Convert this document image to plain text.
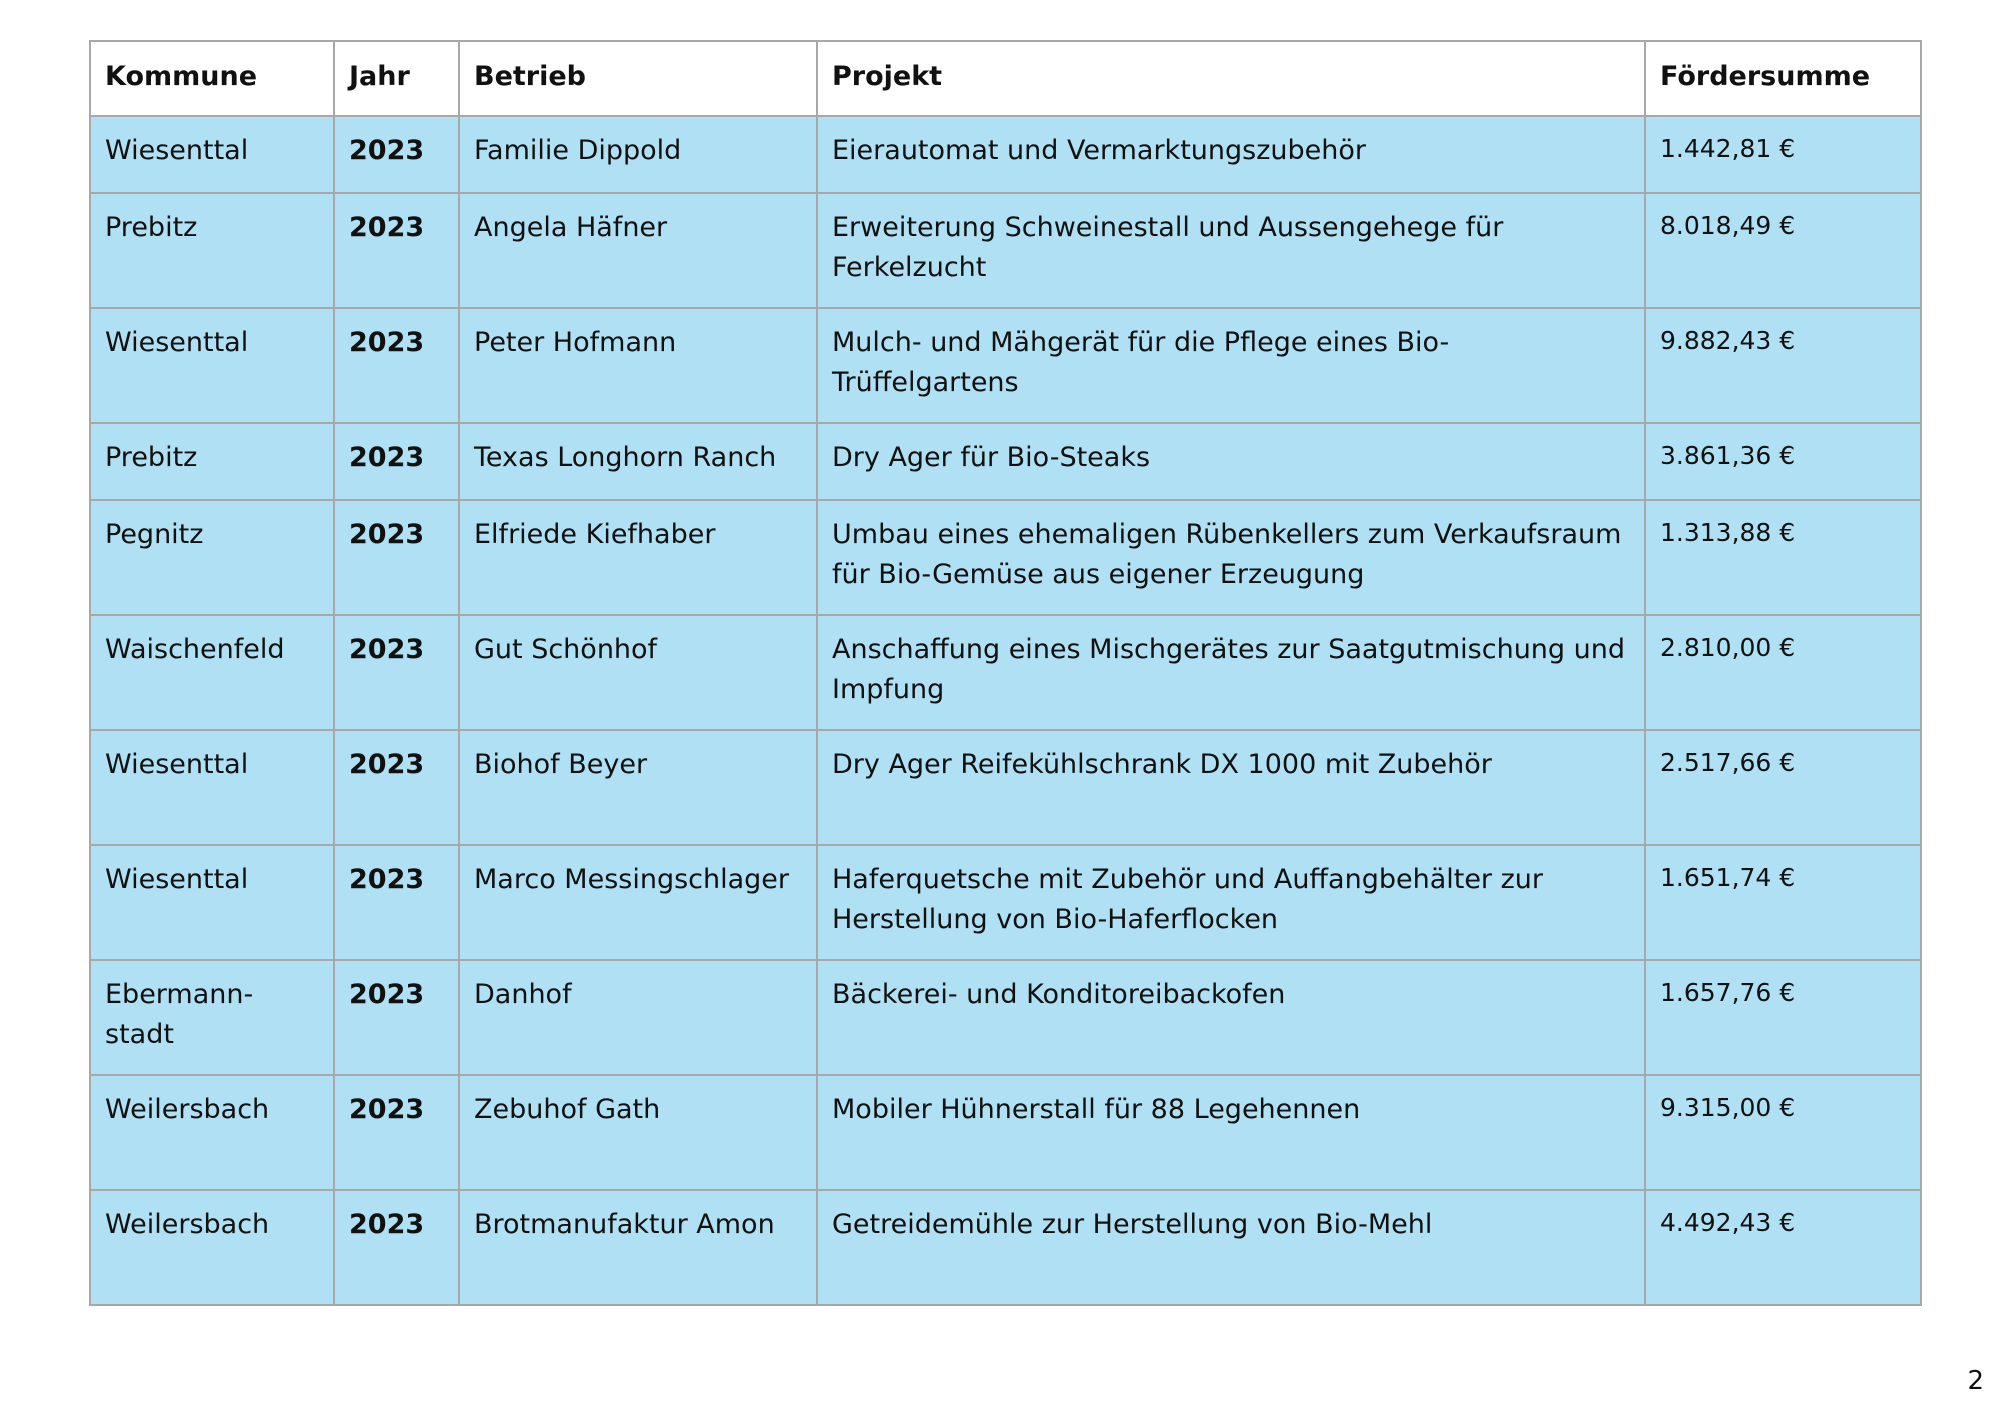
Kommune	Jahr	Betrieb	Projekt	Fördersumme
Wiesenttal	2023	Familie Dippold	Eierautomat und Vermarktungszubehör	1.442,81 €
Prebitz	2023	Angela Häfner	Erweiterung Schweinestall und Aussengehege für Ferkelzucht	8.018,49 €
Wiesenttal	2023	Peter Hofmann	Mulch- und Mähgerät für die Pflege eines Bio-Trüffelgartens	9.882,43 €
Prebitz	2023	Texas Longhorn Ranch	Dry Ager für Bio-Steaks	3.861,36 €
Pegnitz	2023	Elfriede Kiefhaber	Umbau eines ehemaligen Rübenkellers zum Verkaufsraum für Bio-Gemüse aus eigener Erzeugung	1.313,88 €
Waischenfeld	2023	Gut Schönhof	Anschaffung eines Mischgerätes zur Saatgutmischung und Impfung	2.810,00 €
Wiesenttal	2023	Biohof Beyer	Dry Ager Reifekühlschrank DX 1000 mit Zubehör	2.517,66 €
Wiesenttal	2023	Marco Messingschlager	Haferquetsche mit Zubehör und Auffangbehälter zur Herstellung von Bio-Haferflocken	1.651,74 €
Ebermann-stadt	2023	Danhof	Bäckerei- und Konditoreibackofen	1.657,76 €
Weilersbach	2023	Zebuhof Gath	Mobiler Hühnerstall für 88 Legehennen	9.315,00 €
Weilersbach	2023	Brotmanufaktur Amon	Getreidemühle zur Herstellung von Bio-Mehl	4.492,43 €
2
